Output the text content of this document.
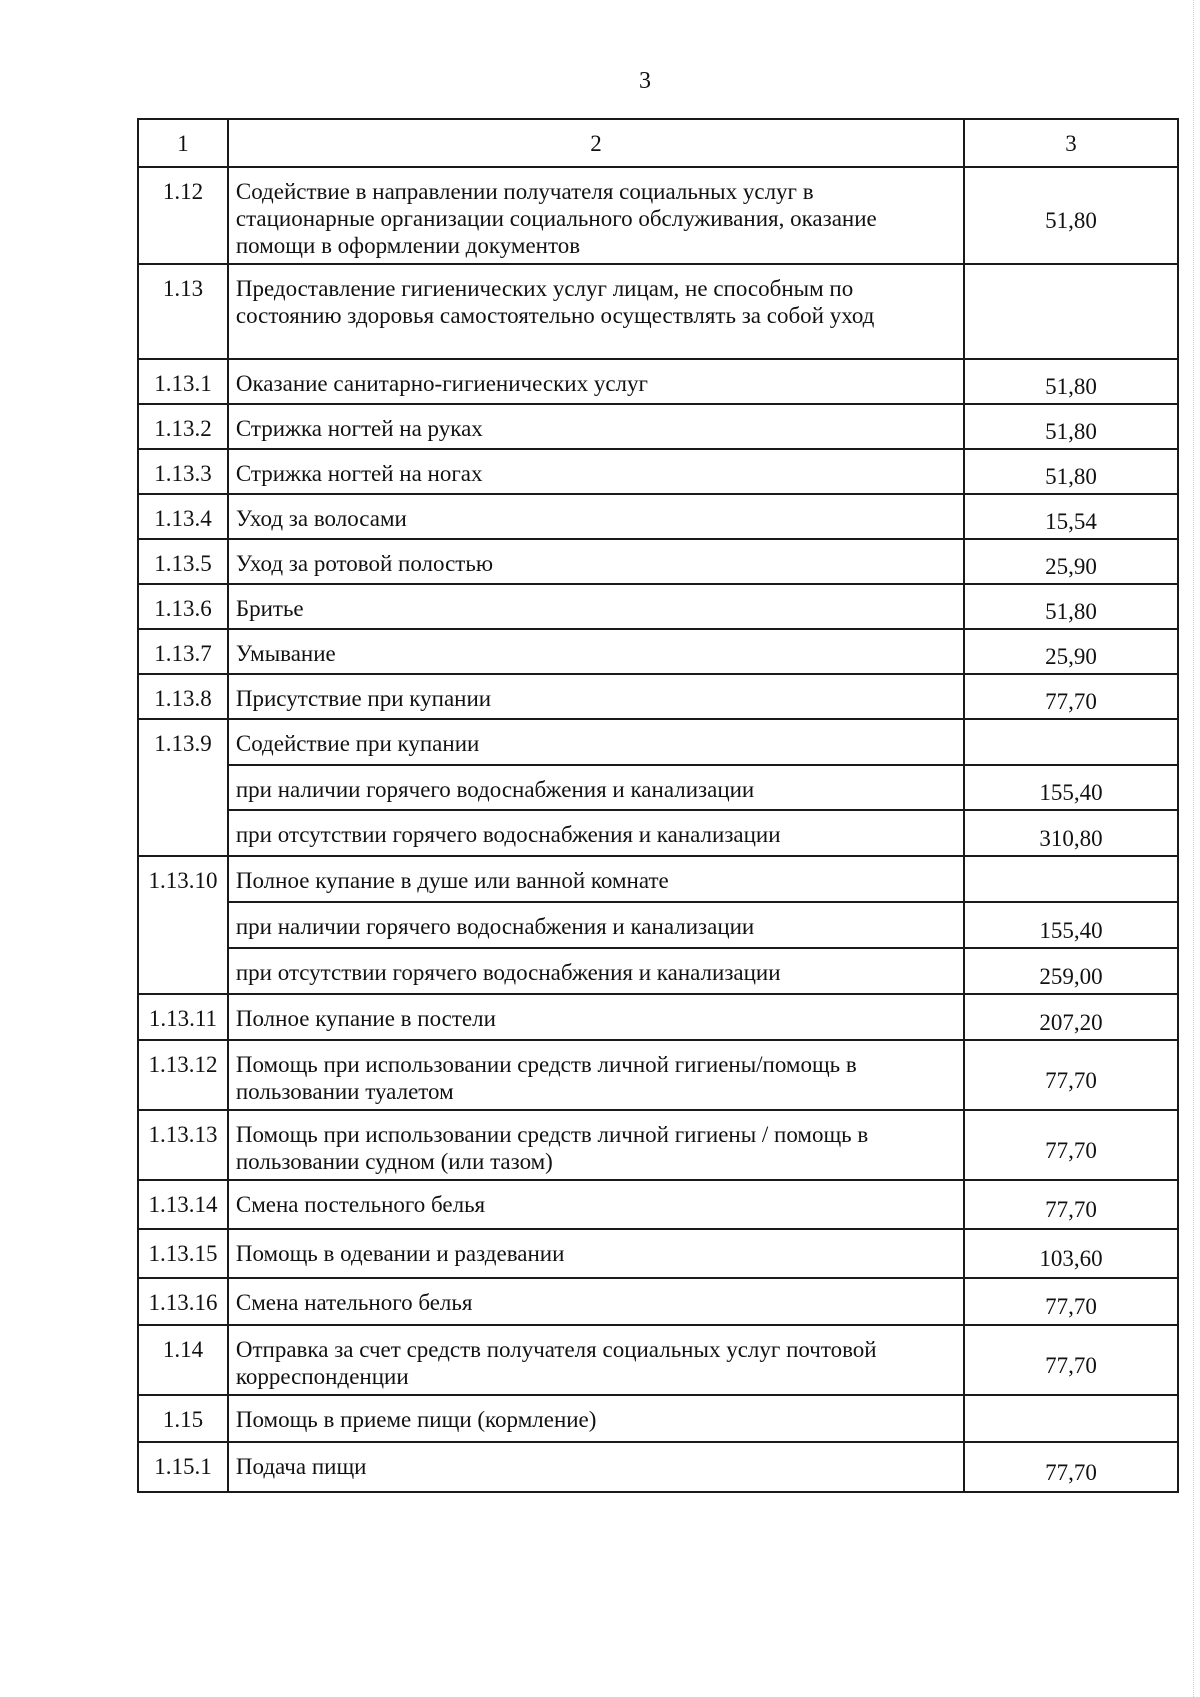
3
1	2	3
1.12	Содействие в направлении получателя социальных услуг в стационарные организации социального обслуживания, оказание помощи в оформлении документов	51,80
1.13	Предоставление гигиенических услуг лицам, не способным по состоянию здоровья самостоятельно осуществлять за собой уход	
1.13.1	Оказание санитарно-гигиенических услуг	51,80
1.13.2	Стрижка ногтей на руках	51,80
1.13.3	Стрижка ногтей на ногах	51,80
1.13.4	Уход за волосами	15,54
1.13.5	Уход за ротовой полостью	25,90
1.13.6	Бритье	51,80
1.13.7	Умывание	25,90
1.13.8	Присутствие при купании	77,70
1.13.9	Содействие при купании	
	при наличии горячего водоснабжения и канализации	155,40
	при отсутствии горячего водоснабжения и канализации	310,80
1.13.10	Полное купание в душе или ванной комнате	
	при наличии горячего водоснабжения и канализации	155,40
	при отсутствии горячего водоснабжения и канализации	259,00
1.13.11	Полное купание в постели	207,20
1.13.12	Помощь при использовании средств личной гигиены/помощь в пользовании туалетом	77,70
1.13.13	Помощь при использовании средств личной гигиены / помощь в пользовании судном (или тазом)	77,70
1.13.14	Смена постельного белья	77,70
1.13.15	Помощь в одевании и раздевании	103,60
1.13.16	Смена нательного белья	77,70
1.14	Отправка за счет средств получателя социальных услуг почтовой корреспонденции	77,70
1.15	Помощь в приеме пищи (кормление)	
1.15.1	Подача пищи	77,70
